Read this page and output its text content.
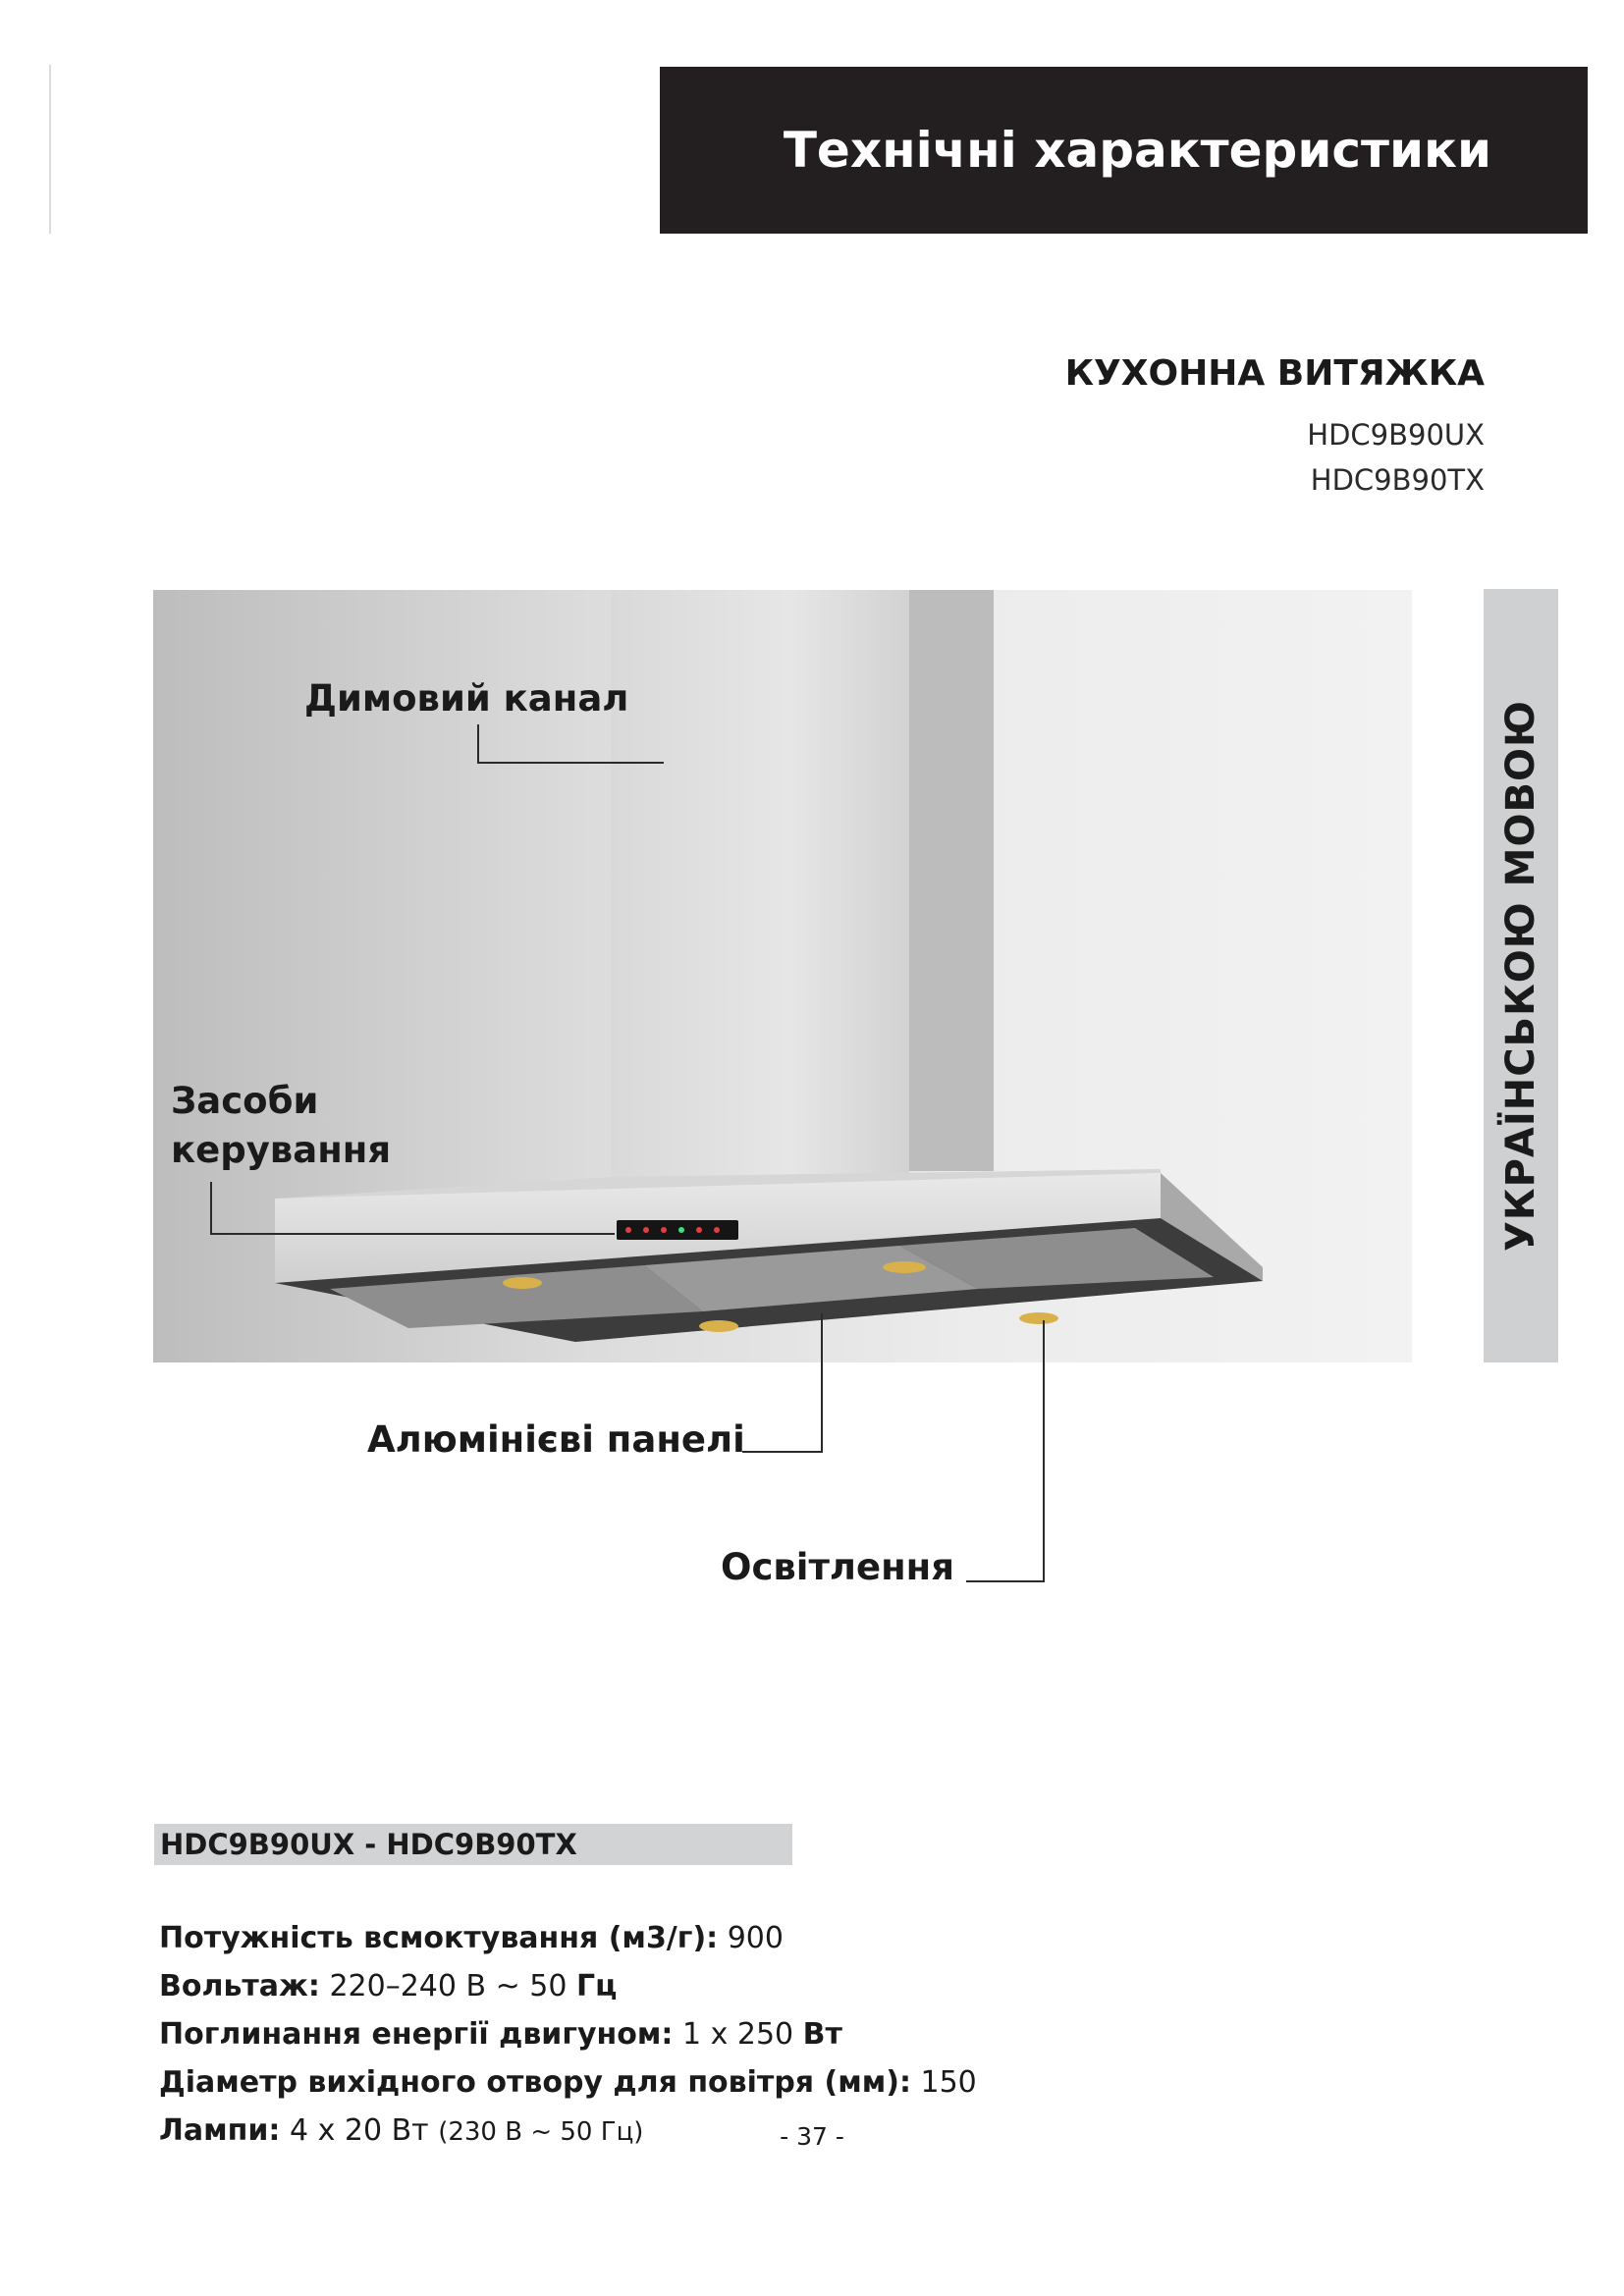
Технічні характеристики
КУХОННА ВИТЯЖКА
HDC9B90UX
HDC9B90TX
УКРАЇНСЬКОЮ МОВОЮ
Димовий канал
Засоби
керування
Алюмінієві панелі
Освітлення
HDC9B90UX - HDC9B90TX
Потужність всмоктування (м3/г): 900
Вольтаж: 220–240 В ~ 50 Гц
Поглинання енергії двигуном: 1 х 250 Вт
Діаметр вихідного отвору для повітря (мм): 150
Лампи: 4 х 20 Вт (230 В ~ 50 Гц)	- 37 -
